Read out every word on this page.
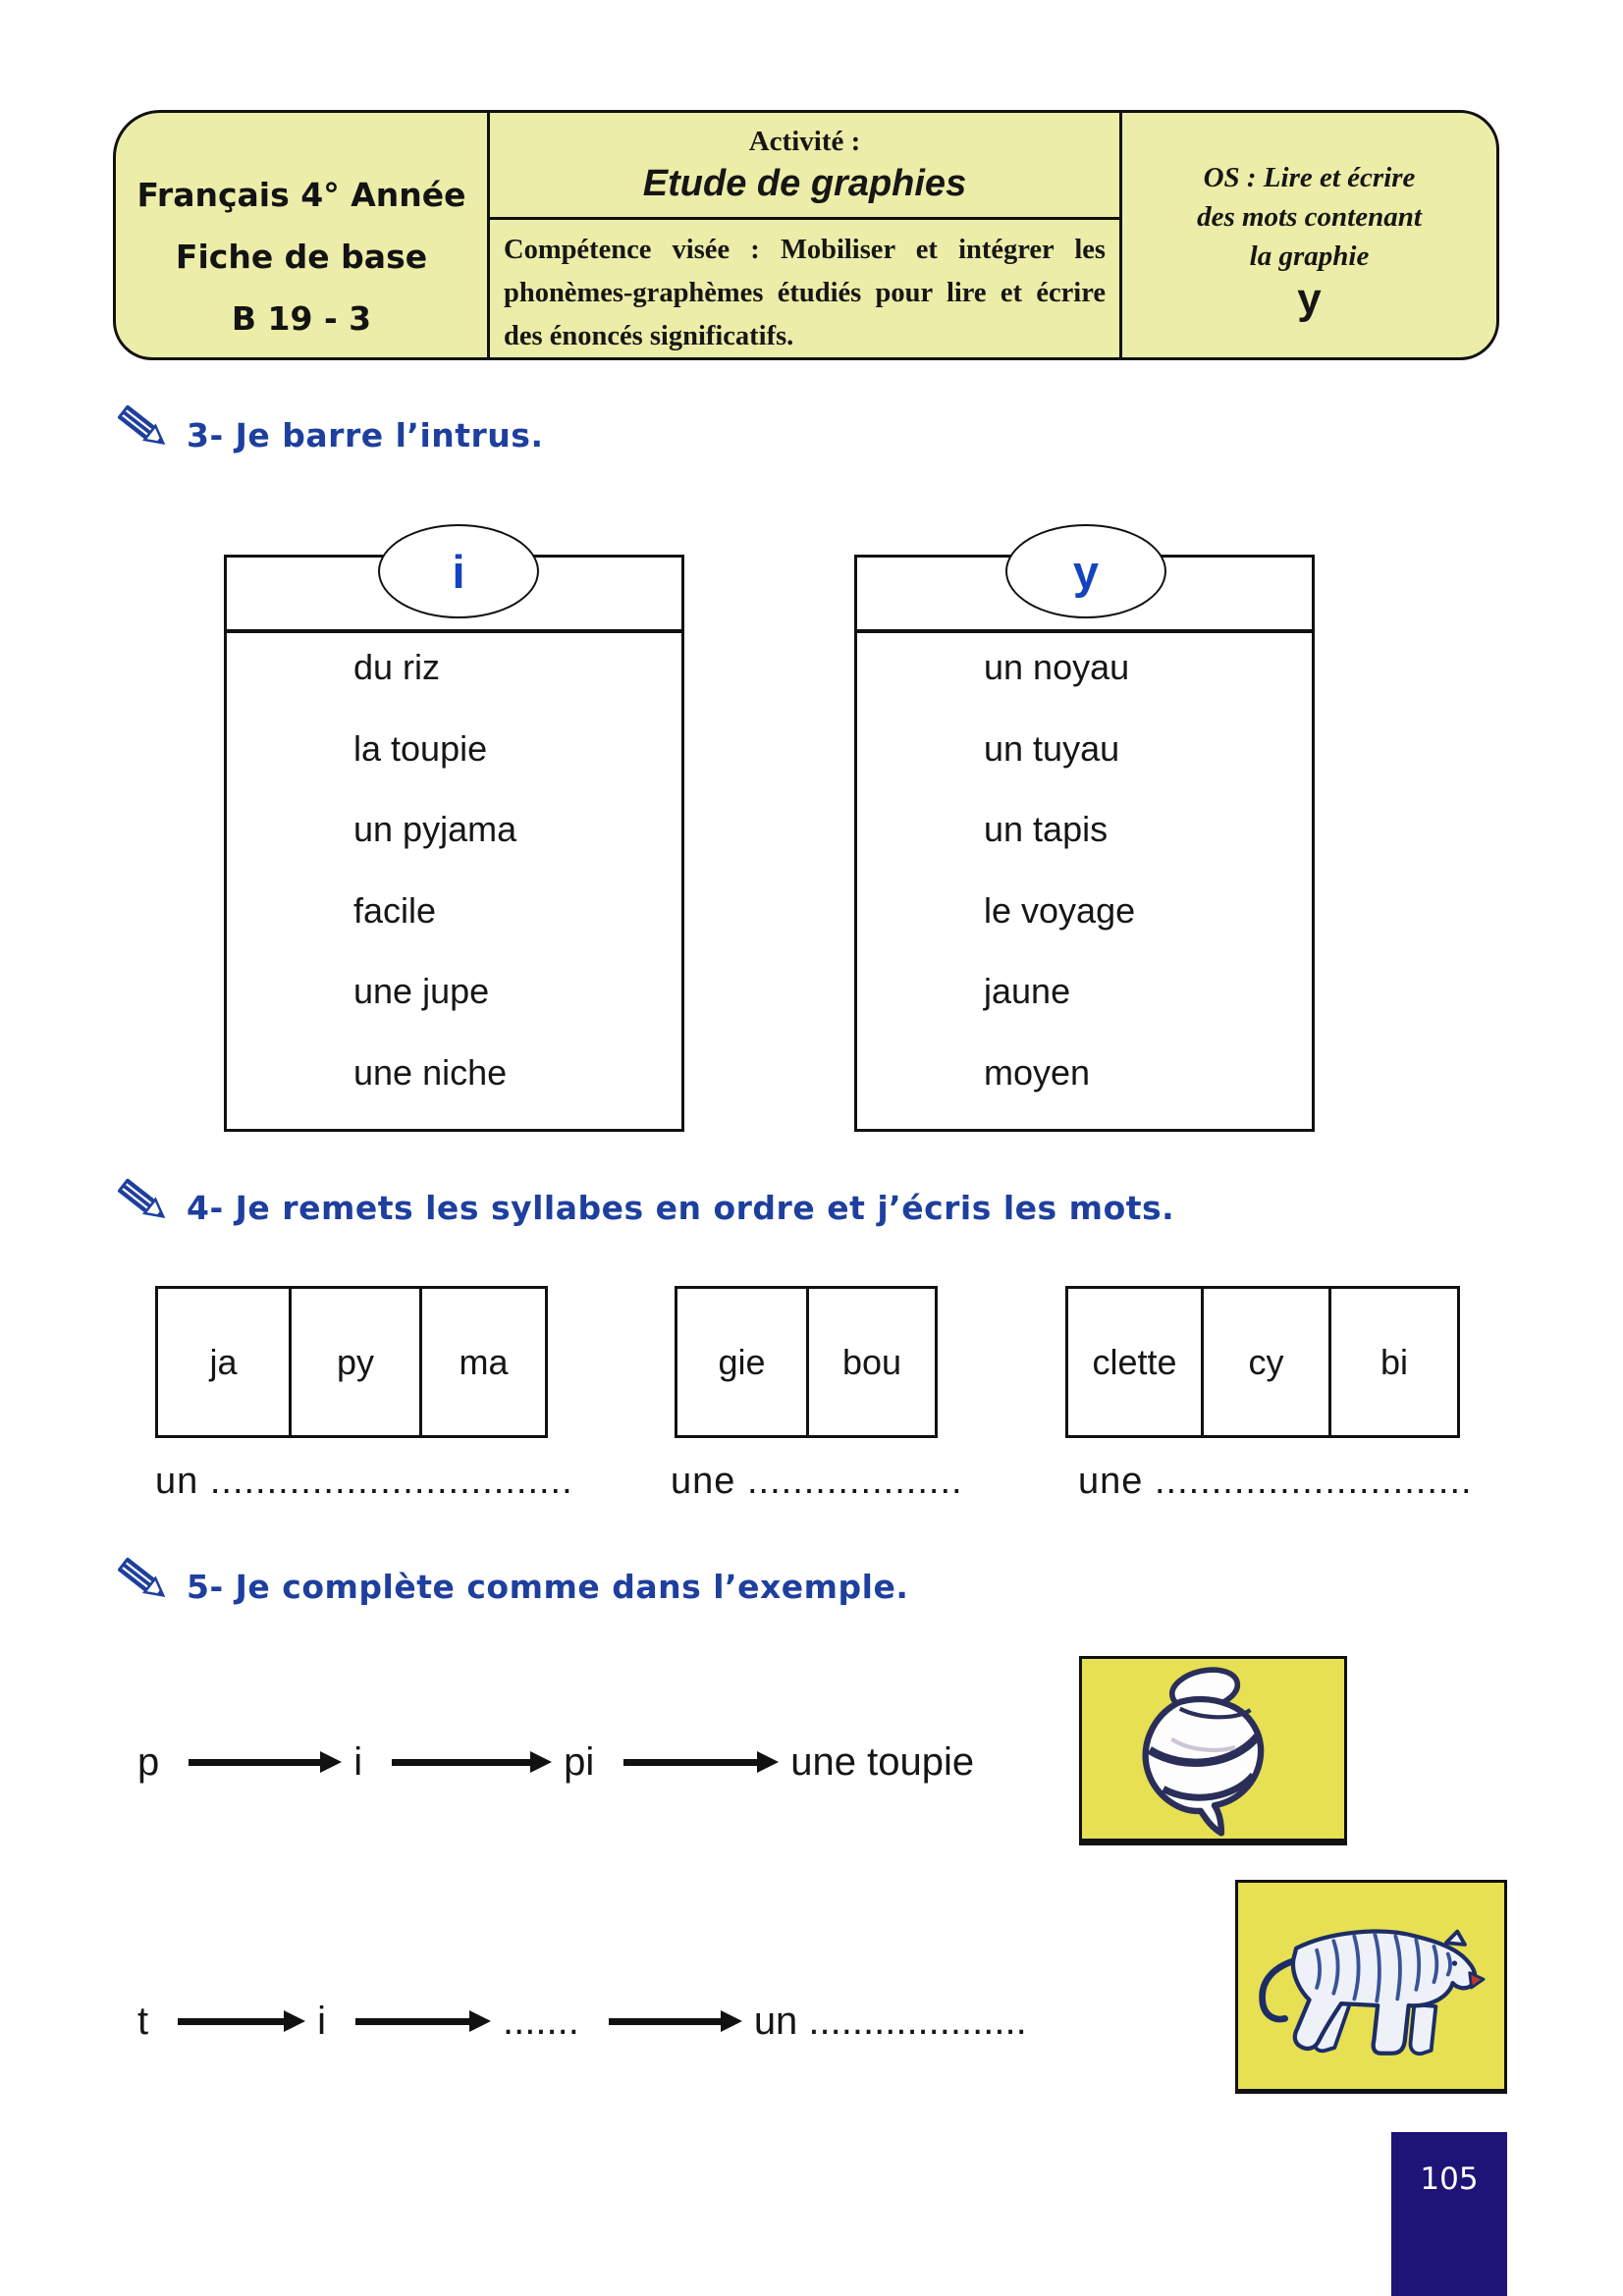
Français 4° Année
Fiche de base
B 19 - 3
Activité :
Etude de graphies
Compétence visée : Mobiliser et intégrer les phonèmes-graphèmes étudiés pour lire et écrire des énoncés significatifs.
OS : Lire et écrire
des mots contenant
la graphie
y
3- Je barre l’intrus.
du riz
la toupie
un pyjama
facile
une jupe
une niche
i
un noyau
un tuyau
un tapis
le voyage
jaune
moyen
y
4- Je remets les syllabes en ordre et j’écris les mots.
ja	py	ma
un ................................
gie	bou
une ...................
clette	cy	bi
une ............................
5- Je complète comme dans l’exemple.
p	i	pi	une toupie
t	i	.......	un ....................
105
